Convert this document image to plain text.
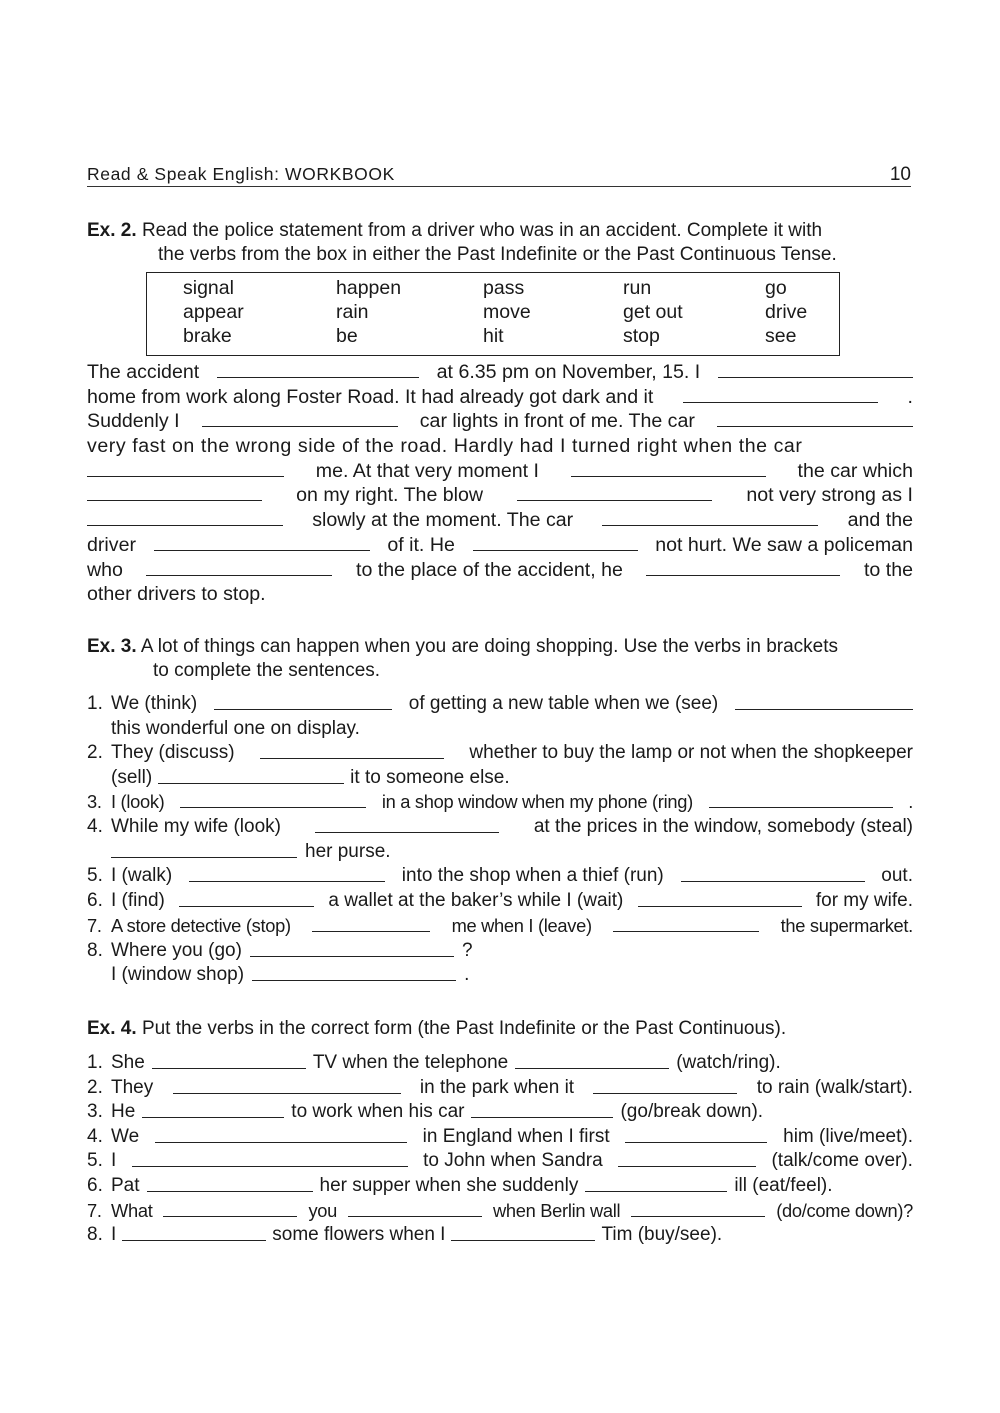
Read & Speak English: WORKBOOK	10
Ex. 2. Read the police statement from a driver who was in an accident. Complete it with
the verbs from the box in either the Past Indefinite or the Past Continuous Tense.
signal	happen	pass	run	go
appear	rain	move	get out	drive
brake	be	hit	stop	see
The accident	at 6.35 pm on November, 15. I
home from work along Foster Road. It had already got dark and it	.
Suddenly I	car lights in front of me. The car
very fast on the wrong side of the road. Hardly had I turned right when the car
me. At that very moment I	the car which
on my right. The blow	not very strong as I
slowly at the moment. The car	and the
driver	of it. He	not hurt. We saw a policeman
who	to the place of the accident, he	to the
other drivers to stop.
Ex. 3. A lot of things can happen when you are doing shopping. Use the verbs in brackets
to complete the sentences.
1. We (think)	of getting a new table when we (see)
this wonderful one on display.
2. They (discuss)	whether to buy the lamp or not when the shopkeeper
(sell)	it to someone else.
3. I (look)	in a shop window when my phone (ring)	.
4. While my wife (look)	at the prices in the window, somebody (steal)
her purse.
5. I (walk)	into the shop when a thief (run)	out.
6. I (find)	a wallet at the baker’s while I (wait)	for my wife.
7. A store detective (stop)	me when I (leave)	the supermarket.
8. Where you (go)	?
I (window shop)	.
Ex. 4. Put the verbs in the correct form (the Past Indefinite or the Past Continuous).
1. She	TV when the telephone	(watch/ring).
2. They	in the park when it	to rain (walk/start).
3. He	to work when his car	(go/break down).
4. We	in England when I first	him (live/meet).
5. I	to John when Sandra	(talk/come over).
6. Pat	her supper when she suddenly	ill (eat/feel).
7. What	you	when Berlin wall	(do/come down)?
8. I	some flowers when I	Tim (buy/see).
